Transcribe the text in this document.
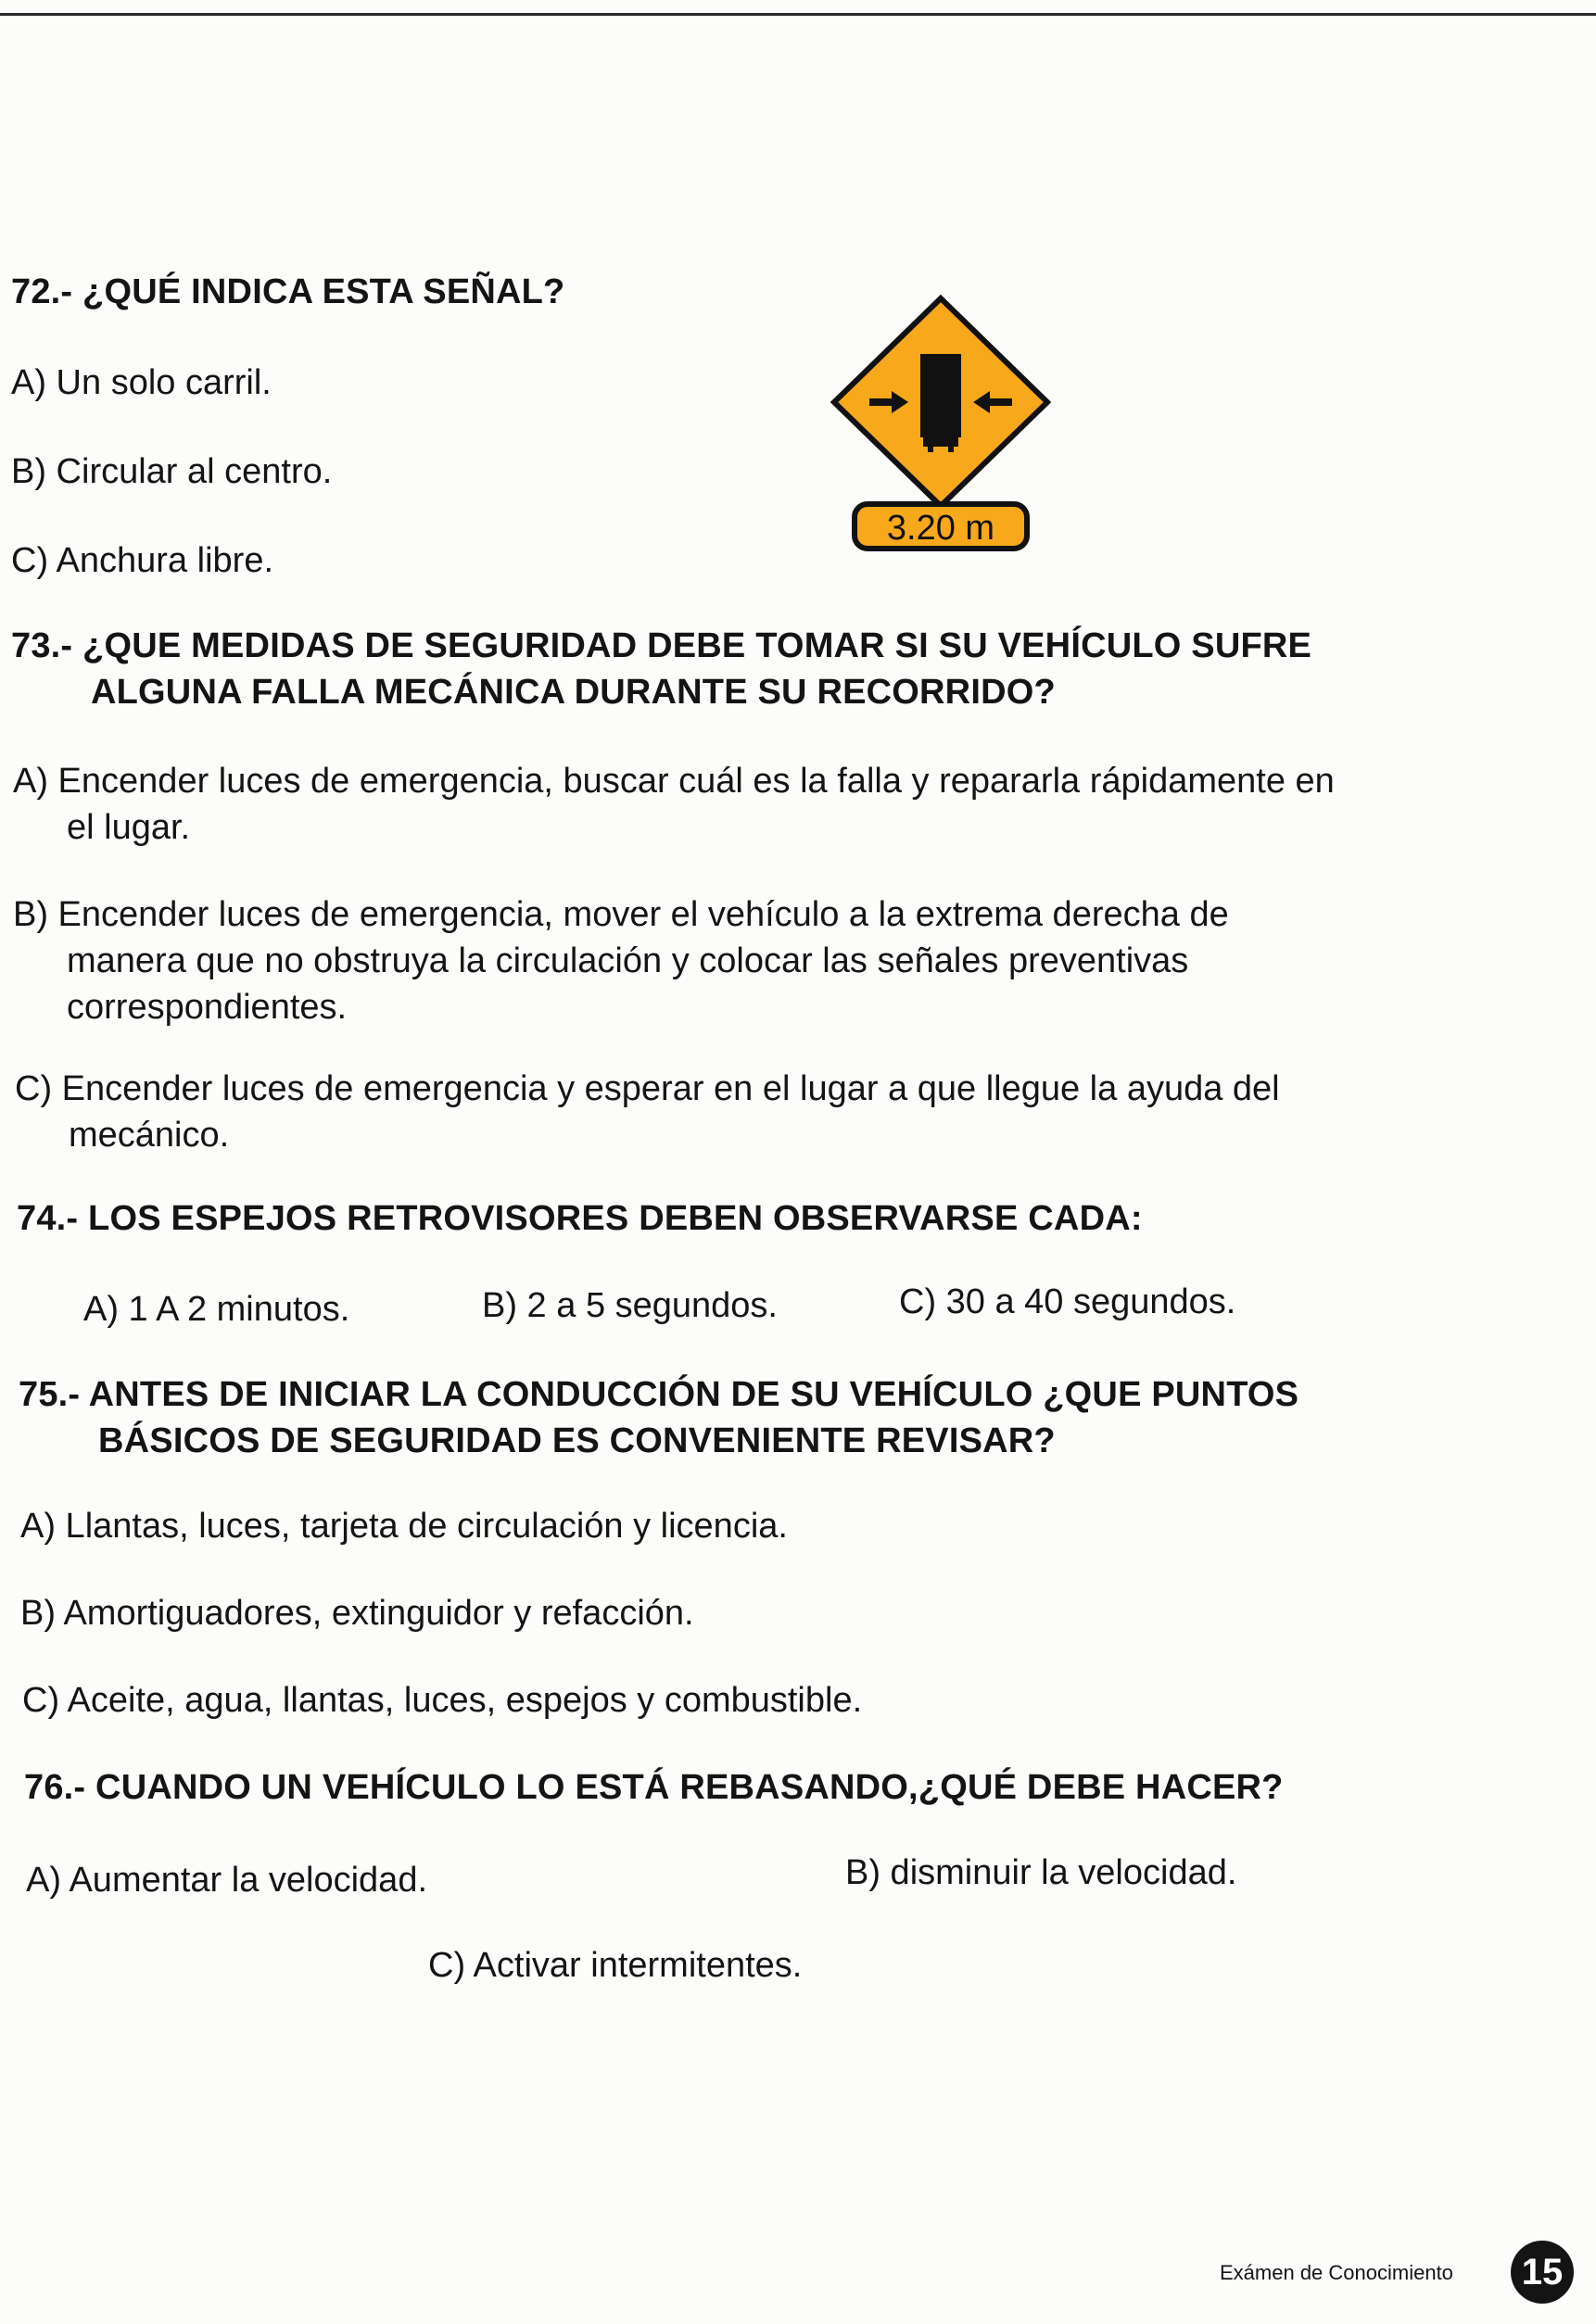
72.- ¿QUÉ INDICA ESTA SEÑAL?
A) Un solo carril.
B) Circular al centro.
C) Anchura libre.
3.20 m
73.- ¿QUE MEDIDAS DE SEGURIDAD DEBE TOMAR SI SU VEHÍCULO SUFRE
ALGUNA FALLA MECÁNICA DURANTE SU RECORRIDO?
A) Encender luces de emergencia, buscar cuál es la falla y repararla rápidamente en
el lugar.
B) Encender luces de emergencia, mover el vehículo a la extrema derecha de
manera que no obstruya la circulación y colocar las señales preventivas
correspondientes.
C) Encender luces de emergencia y esperar en el lugar a que llegue la ayuda del
mecánico.
74.- LOS ESPEJOS RETROVISORES DEBEN OBSERVARSE CADA:
A) 1 A 2 minutos.	B) 2 a 5 segundos.	C) 30 a 40 segundos.
75.- ANTES DE INICIAR LA CONDUCCIÓN DE SU VEHÍCULO ¿QUE PUNTOS
BÁSICOS DE SEGURIDAD ES CONVENIENTE REVISAR?
A) Llantas, luces, tarjeta de circulación y licencia.
B) Amortiguadores, extinguidor y refacción.
C) Aceite, agua, llantas, luces, espejos y combustible.
76.- CUANDO UN VEHÍCULO LO ESTÁ REBASANDO,¿QUÉ DEBE HACER?
A) Aumentar la velocidad.	B) disminuir la velocidad.
C) Activar intermitentes.
Exámen de Conocimiento 15
